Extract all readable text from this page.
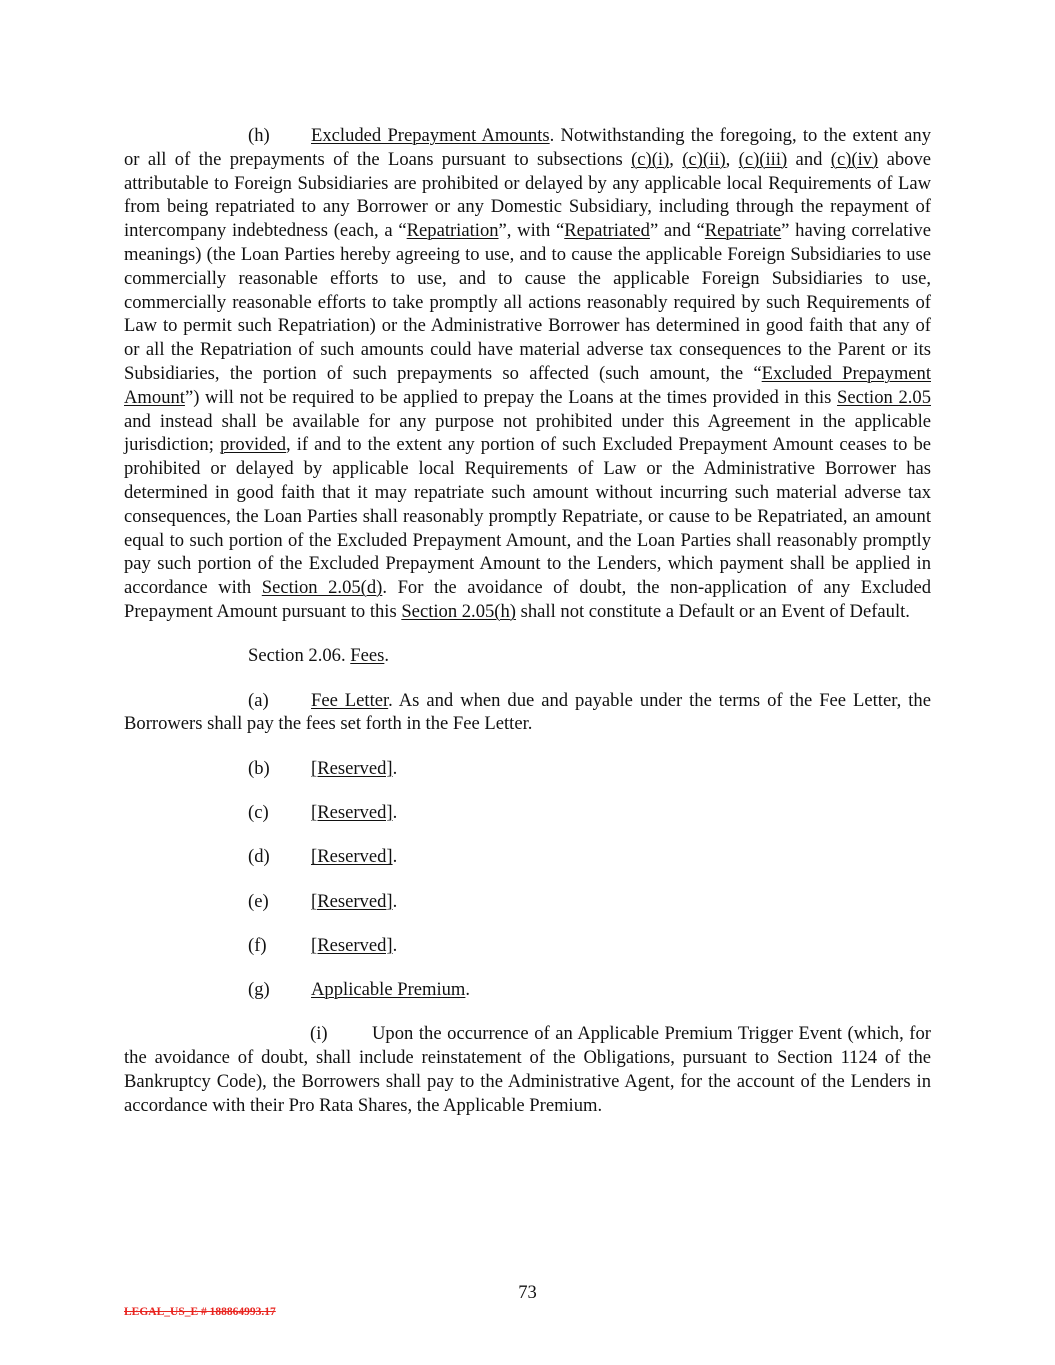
(h) Excluded Prepayment Amounts. Notwithstanding the foregoing, to the extent any or all of the prepayments of the Loans pursuant to subsections (c)(i), (c)(ii), (c)(iii) and (c)(iv) above attributable to Foreign Subsidiaries are prohibited or delayed by any applicable local Requirements of Law from being repatriated to any Borrower or any Domestic Subsidiary, including through the repayment of intercompany indebtedness (each, a “Repatriation”, with “Repatriated” and “Repatriate” having correlative meanings) (the Loan Parties hereby agreeing to use, and to cause the applicable Foreign Subsidiaries to use commercially reasonable efforts to use, and to cause the applicable Foreign Subsidiaries to use, commercially reasonable efforts to take promptly all actions reasonably required by such Requirements of Law to permit such Repatriation) or the Administrative Borrower has determined in good faith that any of or all the Repatriation of such amounts could have material adverse tax consequences to the Parent or its Subsidiaries, the portion of such prepayments so affected (such amount, the “Excluded Prepayment Amount”) will not be required to be applied to prepay the Loans at the times provided in this Section 2.05 and instead shall be available for any purpose not prohibited under this Agreement in the applicable jurisdiction; provided, if and to the extent any portion of such Excluded Prepayment Amount ceases to be prohibited or delayed by applicable local Requirements of Law or the Administrative Borrower has determined in good faith that it may repatriate such amount without incurring such material adverse tax consequences, the Loan Parties shall reasonably promptly Repatriate, or cause to be Repatriated, an amount equal to such portion of the Excluded Prepayment Amount, and the Loan Parties shall reasonably promptly pay such portion of the Excluded Prepayment Amount to the Lenders, which payment shall be applied in accordance with Section 2.05(d). For the avoidance of doubt, the non-application of any Excluded Prepayment Amount pursuant to this Section 2.05(h) shall not constitute a Default or an Event of Default.

Section 2.06. Fees.

(a) Fee Letter. As and when due and payable under the terms of the Fee Letter, the Borrowers shall pay the fees set forth in the Fee Letter.

(b) [Reserved].

(c) [Reserved].

(d) [Reserved].

(e) [Reserved].

(f) [Reserved].

(g) Applicable Premium.

(i) Upon the occurrence of an Applicable Premium Trigger Event (which, for the avoidance of doubt, shall include reinstatement of the Obligations, pursuant to Section 1124 of the Bankruptcy Code), the Borrowers shall pay to the Administrative Agent, for the account of the Lenders in accordance with their Pro Rata Shares, the Applicable Premium.

73
LEGAL_US_E # 188864993.17
